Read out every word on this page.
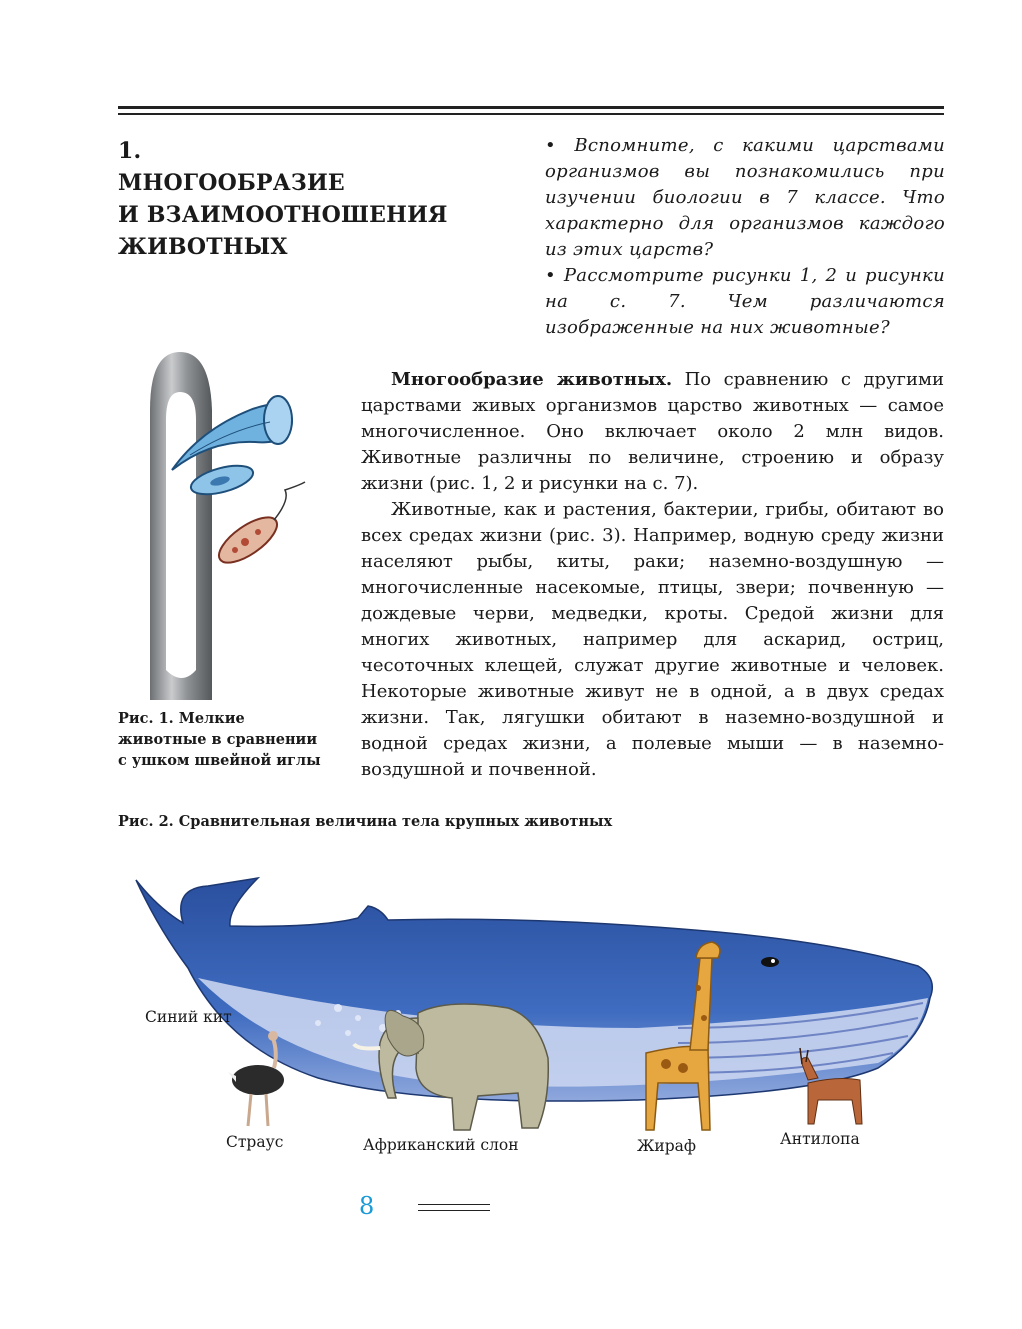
1.
МНОГООБРАЗИЕ
И ВЗАИМООТНОШЕНИЯ
ЖИВОТНЫХ

• Вспомните, с какими царствами организмов вы познакомились при изучении биологии в 7 классе. Что характерно для организмов каждого из этих царств?

• Рассмотрите рисунки 1, 2 и рисунки на с. 7. Чем различаются изображенные на них животные?

Многообразие животных. По сравнению с другими царствами живых организмов царство животных — самое многочисленное. Оно включает около 2 млн видов. Животные различны по величине, строению и образу жизни (рис. 1, 2 и рисунки на с. 7).

Животные, как и растения, бактерии, грибы, обитают во всех средах жизни (рис. 3). Например, водную среду жизни населяют рыбы, киты, раки; наземно-воздушную — многочисленные насекомые, птицы, звери; почвенную — дождевые черви, медведки, кроты. Средой жизни для многих животных, например для аскарид, остриц, чесоточных клещей, служат другие животные и человек. Некоторые животные живут не в одной, а в двух средах жизни. Так, лягушки обитают в наземно-воздушной и водной средах жизни, а полевые мыши — в наземно-воздушной и почвенной.

Рис. 1. Мелкие животные в сравнении с ушком швейной иглы
Рис. 2. Сравнительная величина тела крупных животных
Синий кит
Страус	Африканский слон	Жираф	Антилопа
8
